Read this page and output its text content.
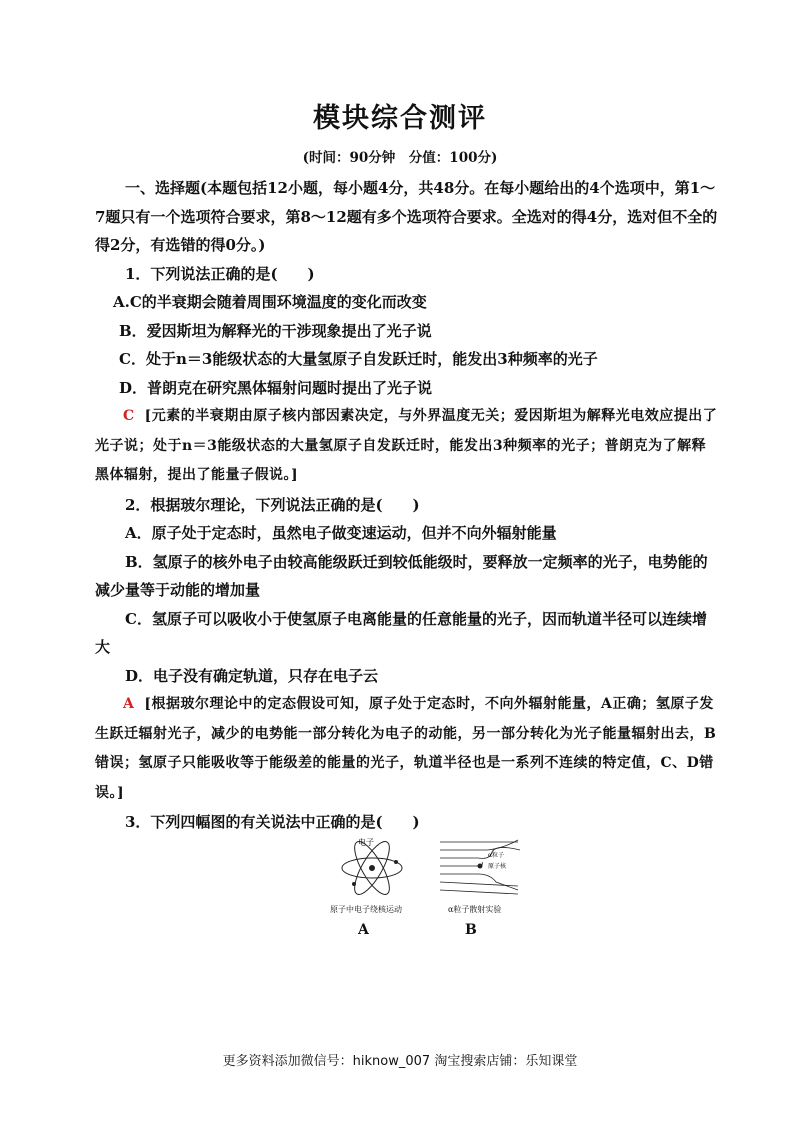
模块综合测评
(时间：90分钟　分值：100分)

一、选择题(本题包括12小题，每小题4分，共48分。在每小题给出的4个选项中，第1～7题只有一个选项符合要求，第8～12题有多个选项符合要求。全选对的得4分，选对但不全的得2分，有选错的得0分。)

1．下列说法正确的是(　　)

A.C的半衰期会随着周围环境温度的变化而改变

B．爱因斯坦为解释光的干涉现象提出了光子说

C．处于n＝3能级状态的大量氢原子自发跃迁时，能发出3种频率的光子

D．普朗克在研究黑体辐射问题时提出了光子说

C [元素的半衰期由原子核内部因素决定，与外界温度无关；爱因斯坦为解释光电效应提出了光子说；处于n＝3能级状态的大量氢原子自发跃迁时，能发出3种频率的光子；普朗克为了解释黑体辐射，提出了能量子假说。]

2．根据玻尔理论，下列说法正确的是(　　)

A．原子处于定态时，虽然电子做变速运动，但并不向外辐射能量

B．氢原子的核外电子由较高能级跃迁到较低能级时，要释放一定频率的光子，电势能的减少量等于动能的增加量

C．氢原子可以吸收小于使氢原子电离能量的任意能量的光子，因而轨道半径可以连续增大

D．电子没有确定轨道，只存在电子云

A [根据玻尔理论中的定态假设可知，原子处于定态时，不向外辐射能量，A正确；氢原子发生跃迁辐射光子，减少的电势能一部分转化为电子的动能，另一部分转化为光子能量辐射出去，B错误；氢原子只能吸收等于能级差的能量的光子，轨道半径也是一系列不连续的特定值，C、D错误。]

3．下列四幅图的有关说法中正确的是(　　)

电子
α粒子
原子核
原子中电子绕核运动	α粒子散射实验
A	B
更多资料添加微信号：hiknow_007 淘宝搜索店铺：乐知课堂
